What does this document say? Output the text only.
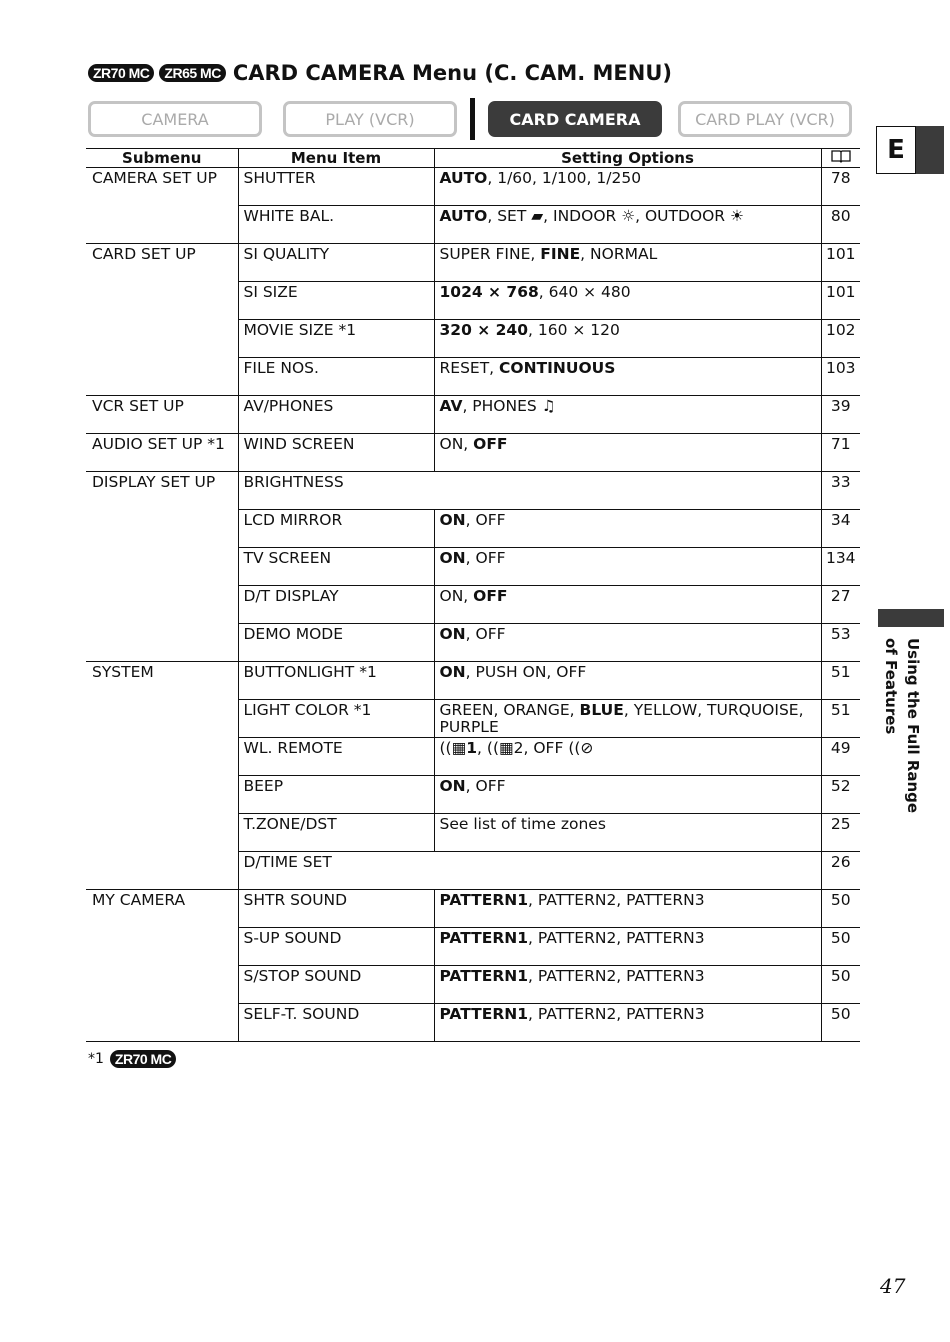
ZR70 MC	ZR65 MC CARD CAMERA Menu (C. CAM. MENU)
CAMERA	PLAY (VCR)	CARD CAMERA	CARD PLAY (VCR)
E
Using the Full Range
of Features
Submenu	Menu Item	Setting Options	
CAMERA SET UP	SHUTTER	AUTO, 1/60, 1/100, 1/250	78
	WHITE BAL.	AUTO, SET ▰, INDOOR ☼, OUTDOOR ☀	80
CARD SET UP	SI QUALITY	SUPER FINE, FINE, NORMAL	101
	SI SIZE	1024 × 768, 640 × 480	101
	MOVIE SIZE *1	320 × 240, 160 × 120	102
	FILE NOS.	RESET, CONTINUOUS	103
VCR SET UP	AV/PHONES	AV, PHONES ♫	39
AUDIO SET UP *1	WIND SCREEN	ON, OFF	71
DISPLAY SET UP	BRIGHTNESS		33
	LCD MIRROR	ON, OFF	34
	TV SCREEN	ON, OFF	134
	D/T DISPLAY	ON, OFF	27
	DEMO MODE	ON, OFF	53
SYSTEM	BUTTONLIGHT *1	ON, PUSH ON, OFF	51
	LIGHT COLOR *1	GREEN, ORANGE, BLUE, YELLOW, TURQUOISE, PURPLE	51
	WL. REMOTE	((▦1, ((▦2, OFF ((⊘	49
	BEEP	ON, OFF	52
	T.ZONE/DST	See list of time zones	25
	D/TIME SET		26
MY CAMERA	SHTR SOUND	PATTERN1, PATTERN2, PATTERN3	50
	S-UP SOUND	PATTERN1, PATTERN2, PATTERN3	50
	S/STOP SOUND	PATTERN1, PATTERN2, PATTERN3	50
	SELF-T. SOUND	PATTERN1, PATTERN2, PATTERN3	50
*1 ZR70 MC
47
